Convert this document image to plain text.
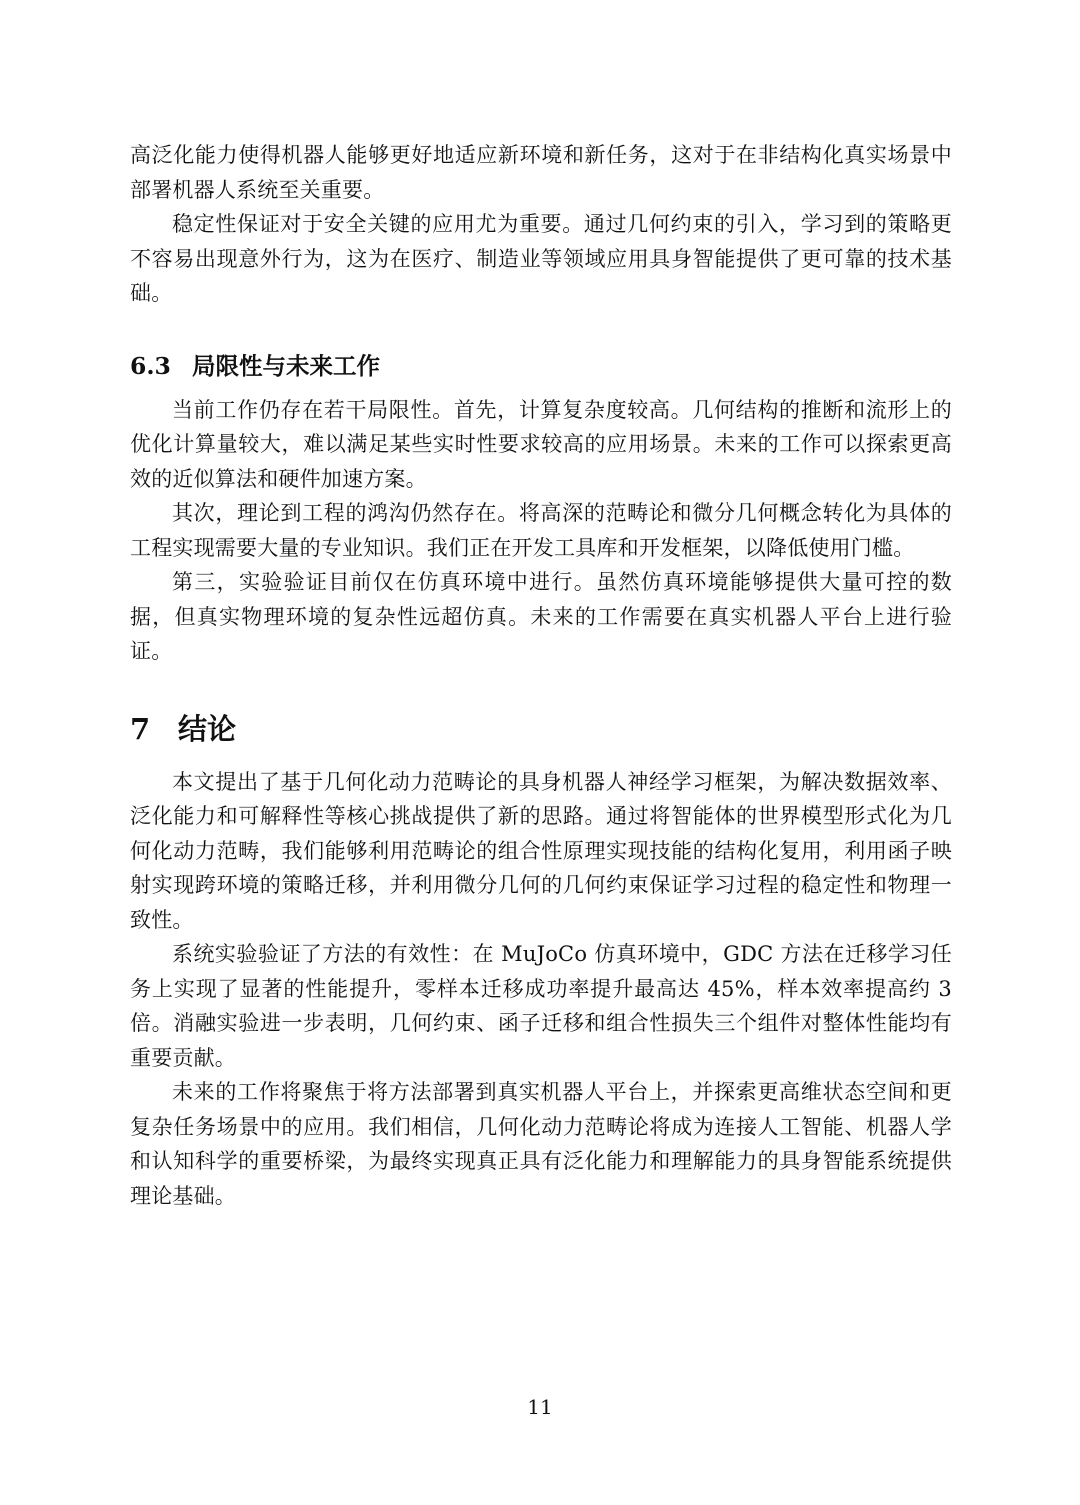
高泛化能力使得机器人能够更好地适应新环境和新任务，这对于在非结构化真实场景中部署机器人系统至关重要。

稳定性保证对于安全关键的应用尤为重要。通过几何约束的引入，学习到的策略更不容易出现意外行为，这为在医疗、制造业等领域应用具身智能提供了更可靠的技术基础。

6.3 局限性与未来工作

当前工作仍存在若干局限性。首先，计算复杂度较高。几何结构的推断和流形上的优化计算量较大，难以满足某些实时性要求较高的应用场景。未来的工作可以探索更高效的近似算法和硬件加速方案。

其次，理论到工程的鸿沟仍然存在。将高深的范畴论和微分几何概念转化为具体的工程实现需要大量的专业知识。我们正在开发工具库和开发框架，以降低使用门槛。

第三，实验验证目前仅在仿真环境中进行。虽然仿真环境能够提供大量可控的数据，但真实物理环境的复杂性远超仿真。未来的工作需要在真实机器人平台上进行验证。

7 结论

本文提出了基于几何化动力范畴论的具身机器人神经学习框架，为解决数据效率、泛化能力和可解释性等核心挑战提供了新的思路。通过将智能体的世界模型形式化为几何化动力范畴，我们能够利用范畴论的组合性原理实现技能的结构化复用，利用函子映射实现跨环境的策略迁移，并利用微分几何的几何约束保证学习过程的稳定性和物理一致性。

系统实验验证了方法的有效性：在 MuJoCo 仿真环境中，GDC 方法在迁移学习任务上实现了显著的性能提升，零样本迁移成功率提升最高达 45%，样本效率提高约 3 倍。消融实验进一步表明，几何约束、函子迁移和组合性损失三个组件对整体性能均有重要贡献。

未来的工作将聚焦于将方法部署到真实机器人平台上，并探索更高维状态空间和更复杂任务场景中的应用。我们相信，几何化动力范畴论将成为连接人工智能、机器人学和认知科学的重要桥梁，为最终实现真正具有泛化能力和理解能力的具身智能系统提供理论基础。

11
